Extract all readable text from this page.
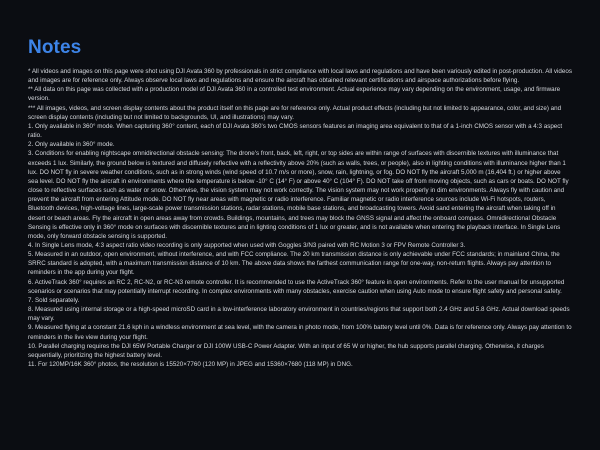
Notes

* All videos and images on this page were shot using DJI Avata 360 by professionals in strict compliance with local laws and regulations and have been variously edited in post-production. All videos and images are for reference only. Always observe local laws and regulations and ensure the aircraft has obtained relevant certifications and airspace authorizations before flying.

** All data on this page was collected with a production model of DJI Avata 360 in a controlled test environment. Actual experience may vary depending on the environment, usage, and firmware version.

*** All images, videos, and screen display contents about the product itself on this page are for reference only. Actual product effects (including but not limited to appearance, color, and size) and screen display contents (including but not limited to backgrounds, UI, and illustrations) may vary.

1. Only available in 360° mode. When capturing 360° content, each of DJI Avata 360's two CMOS sensors features an imaging area equivalent to that of a 1-inch CMOS sensor with a 4:3 aspect ratio.

2. Only available in 360° mode.

3. Conditions for enabling nightscape omnidirectional obstacle sensing: The drone's front, back, left, right, or top sides are within range of surfaces with discernible textures with illuminance that exceeds 1 lux. Similarly, the ground below is textured and diffusely reflective with a reflectivity above 20% (such as walls, trees, or people), also in lighting conditions with illuminance higher than 1 lux. DO NOT fly in severe weather conditions, such as in strong winds (wind speed of 10.7 m/s or more), snow, rain, lightning, or fog. DO NOT fly the aircraft 5,000 m (16,404 ft.) or higher above sea level. DO NOT fly the aircraft in environments where the temperature is below -10° C (14° F) or above 40° C (104° F). DO NOT take off from moving objects, such as cars or boats. DO NOT fly close to reflective surfaces such as water or snow. Otherwise, the vision system may not work correctly. The vision system may not work properly in dim environments. Always fly with caution and prevent the aircraft from entering Attitude mode. DO NOT fly near areas with magnetic or radio interference. Familiar magnetic or radio interference sources include Wi-Fi hotspots, routers, Bluetooth devices, high-voltage lines, large-scale power transmission stations, radar stations, mobile base stations, and broadcasting towers. Avoid sand entering the aircraft when taking off in desert or beach areas. Fly the aircraft in open areas away from crowds. Buildings, mountains, and trees may block the GNSS signal and affect the onboard compass. Omnidirectional Obstacle Sensing is effective only in 360° mode on surfaces with discernible textures and in lighting conditions of 1 lux or greater, and is not available when entering the playback interface. In Single Lens mode, only forward obstacle sensing is supported.

4. In Single Lens mode, 4:3 aspect ratio video recording is only supported when used with Goggles 3/N3 paired with RC Motion 3 or FPV Remote Controller 3.

5. Measured in an outdoor, open environment, without interference, and with FCC compliance. The 20 km transmission distance is only achievable under FCC standards; in mainland China, the SRRC standard is adopted, with a maximum transmission distance of 10 km. The above data shows the farthest communication range for one-way, non-return flights. Always pay attention to reminders in the app during your flight.

6. ActiveTrack 360° requires an RC 2, RC-N2, or RC-N3 remote controller. It is recommended to use the ActiveTrack 360° feature in open environments. Refer to the user manual for unsupported scenarios or scenarios that may potentially interrupt recording. In complex environments with many obstacles, exercise caution when using Auto mode to ensure flight safety and personal safety.

7. Sold separately.

8. Measured using internal storage or a high-speed microSD card in a low-interference laboratory environment in countries/regions that support both 2.4 GHz and 5.8 GHz. Actual download speeds may vary.

9. Measured flying at a constant 21.6 kph in a windless environment at sea level, with the camera in photo mode, from 100% battery level until 0%. Data is for reference only. Always pay attention to reminders in the live view during your flight.

10. Parallel charging requires the DJI 65W Portable Charger or DJI 100W USB-C Power Adapter. With an input of 65 W or higher, the hub supports parallel charging. Otherwise, it charges sequentially, prioritizing the highest battery level.

11. For 120MP/16K 360° photos, the resolution is 15520×7760 (120 MP) in JPEG and 15360×7680 (118 MP) in DNG.
